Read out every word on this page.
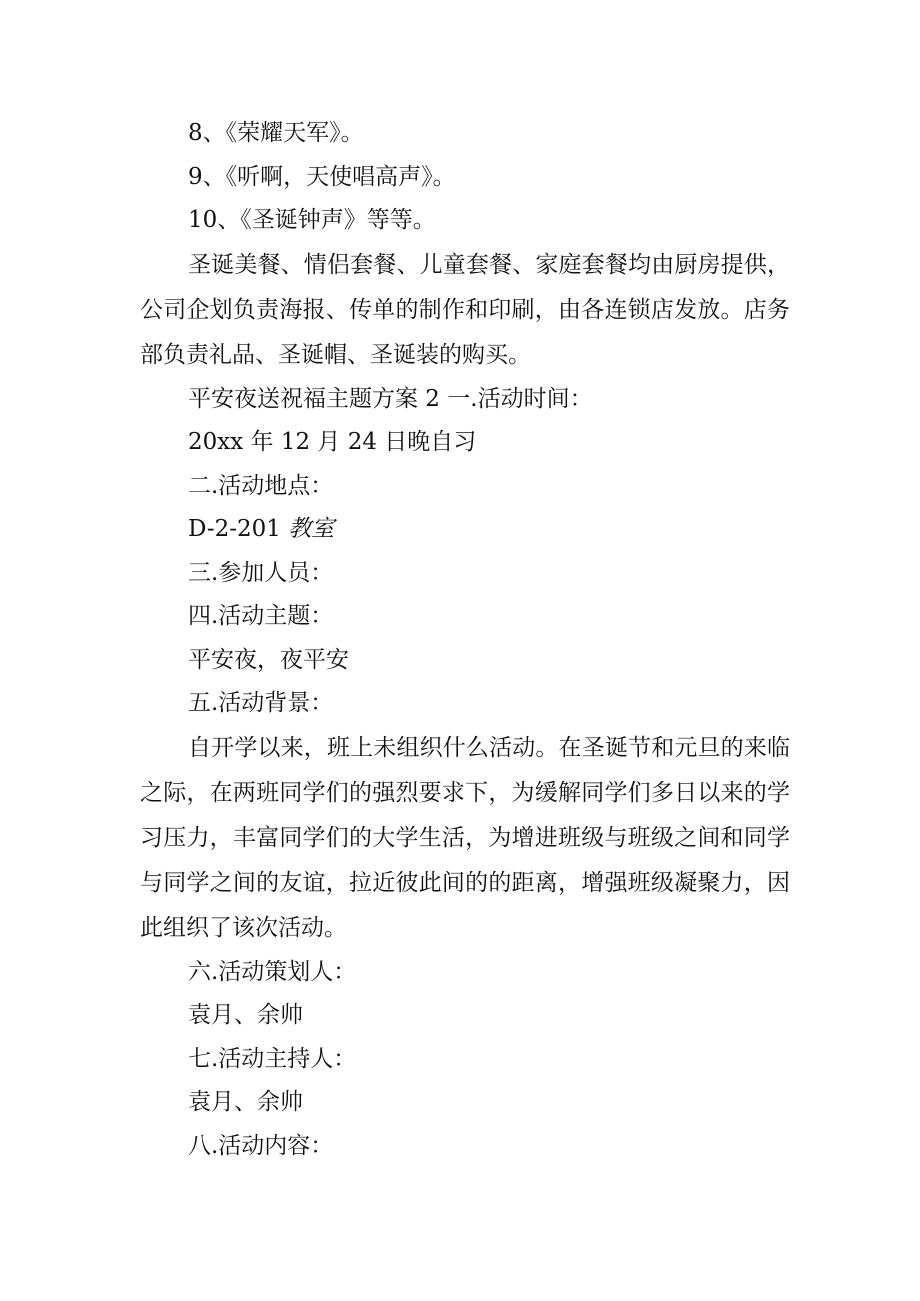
8、《荣耀天军》。

9、《听啊，天使唱高声》。

10、《圣诞钟声》等等。

圣诞美餐、情侣套餐、儿童套餐、家庭套餐均由厨房提供，公司企划负责海报、传单的制作和印刷，由各连锁店发放。店务部负责礼品、圣诞帽、圣诞装的购买。

平安夜送祝福主题方案 2 一.活动时间：

20xx 年 12 月 24 日晚自习

二.活动地点：

D-2-201 教室

三.参加人员：

四.活动主题：

平安夜，夜平安

五.活动背景：

自开学以来，班上未组织什么活动。在圣诞节和元旦的来临之际，在两班同学们的强烈要求下，为缓解同学们多日以来的学习压力，丰富同学们的大学生活，为增进班级与班级之间和同学与同学之间的友谊，拉近彼此间的的距离，增强班级凝聚力，因此组织了该次活动。

六.活动策划人：

袁月、余帅

七.活动主持人：

袁月、余帅

八.活动内容：
